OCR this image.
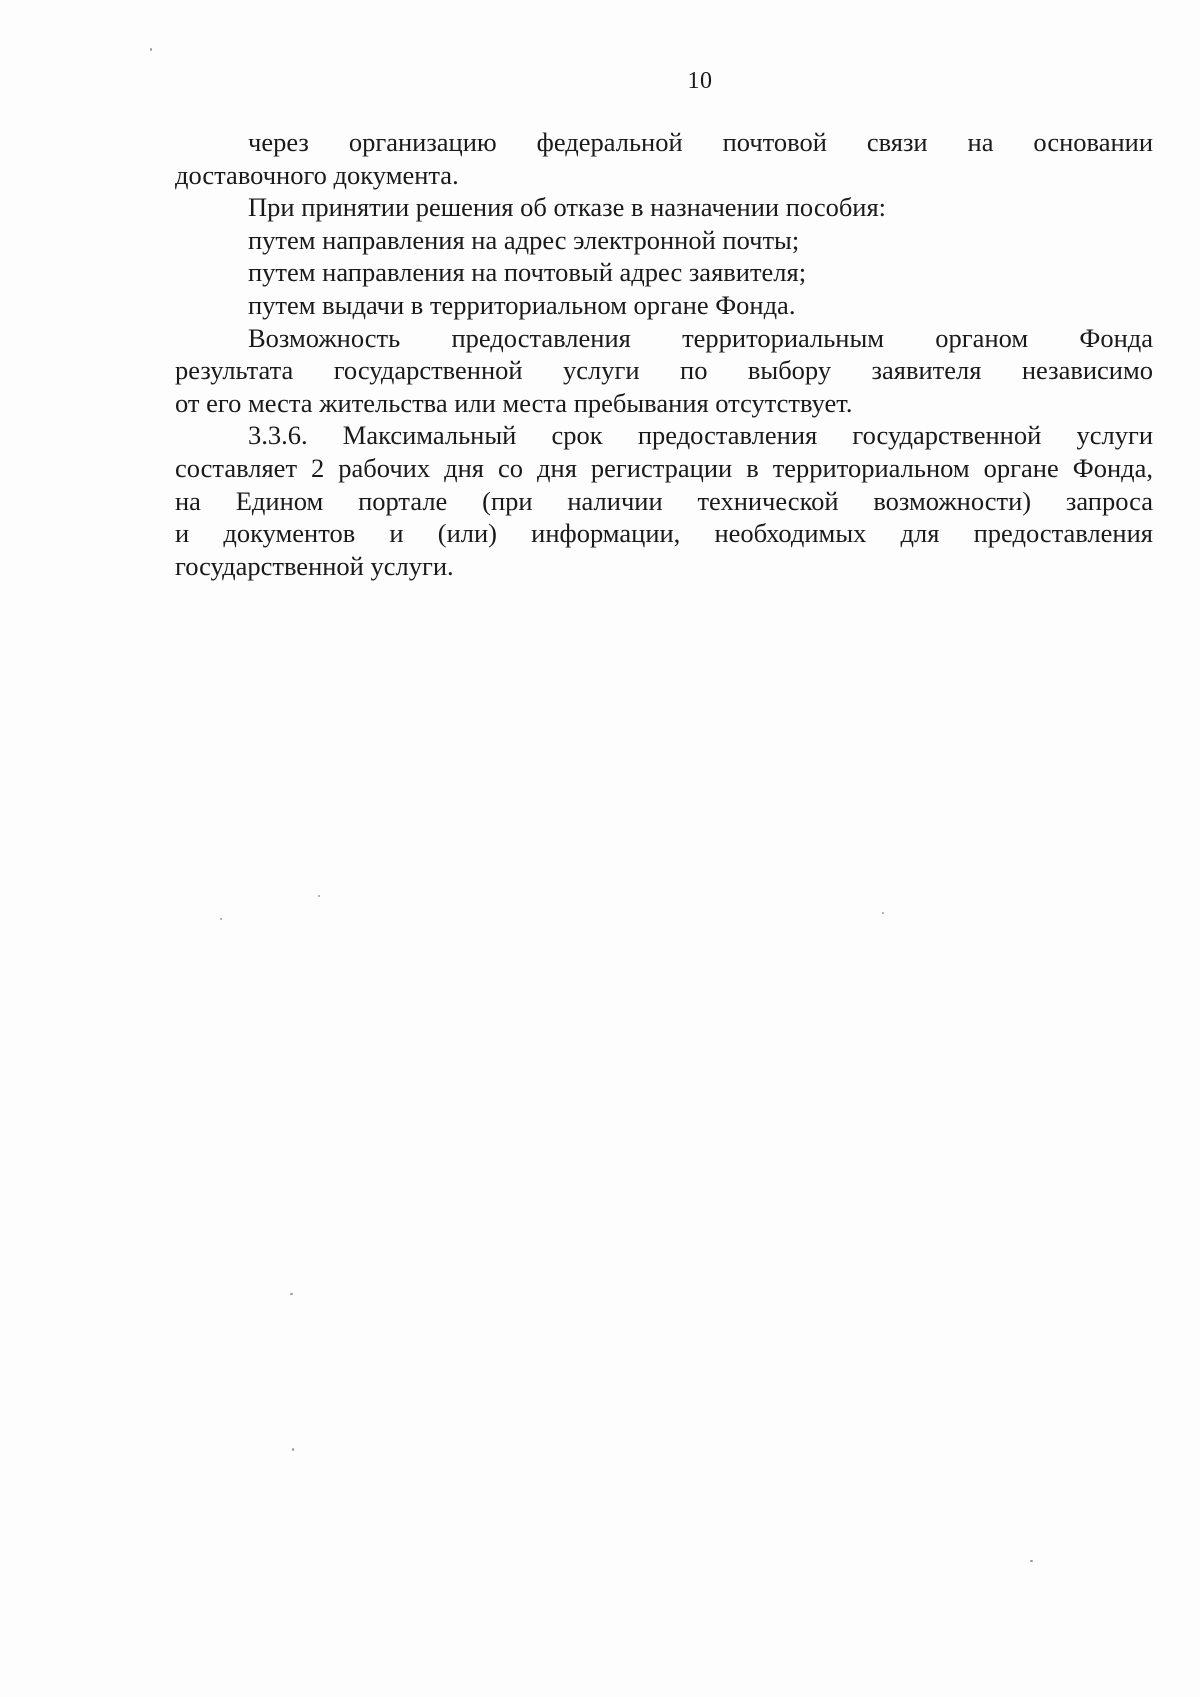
10
через организацию федеральной почтовой связи на основании
доставочного документа.
При принятии решения об отказе в назначении пособия:
путем направления на адрес электронной почты;
путем направления на почтовый адрес заявителя;
путем выдачи в территориальном органе Фонда.
Возможность предоставления территориальным органом Фонда
результата государственной услуги по выбору заявителя независимо
от его места жительства или места пребывания отсутствует.
3.3.6. Максимальный срок предоставления государственной услуги
составляет 2 рабочих дня со дня регистрации в территориальном органе Фонда,
на Едином портале (при наличии технической возможности) запроса
и документов и (или) информации, необходимых для предоставления
государственной услуги.
